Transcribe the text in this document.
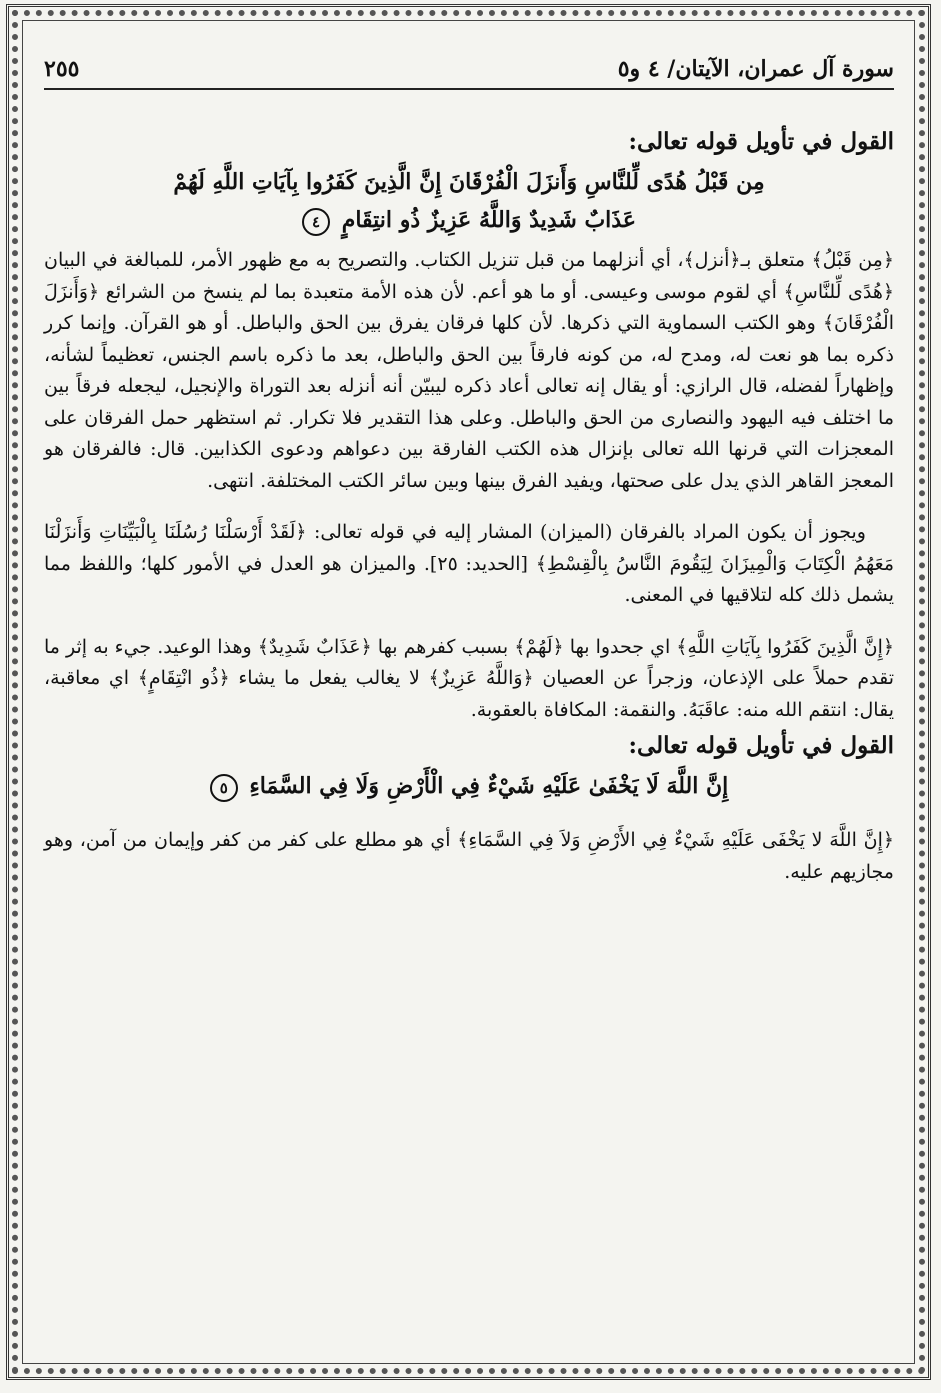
سورة آل عمران، الآيتان/ ٤ و٥
٢٥٥
القول في تأويل قوله تعالى:
مِن قَبْلُ هُدًى لِّلنَّاسِ وَأَنزَلَ الْفُرْقَانَ إِنَّ الَّذِينَ كَفَرُوا بِآيَاتِ اللَّهِ لَهُمْ
عَذَابٌ شَدِيدٌ وَاللَّهُ عَزِيزٌ ذُو انتِقَامٍ ٤

﴿مِن قَبْلُ﴾ متعلق بـ﴿أنزل﴾، أي أنزلهما من قبل تنزيل الكتاب. والتصريح به مع ظهور الأمر، للمبالغة في البيان ﴿هُدًى لِّلنَّاسِ﴾ أي لقوم موسى وعيسى. أو ما هو أعم. لأن هذه الأمة متعبدة بما لم ينسخ من الشرائع ﴿وَأَنزَلَ الْفُرْقَانَ﴾ وهو الكتب السماوية التي ذكرها. لأن كلها فرقان يفرق بين الحق والباطل. أو هو القرآن. وإنما كرر ذكره بما هو نعت له، ومدح له، من كونه فارقاً بين الحق والباطل، بعد ما ذكره باسم الجنس، تعظيماً لشأنه، وإظهاراً لفضله، قال الرازي: أو يقال إنه تعالى أعاد ذكره ليبيّن أنه أنزله بعد التوراة والإنجيل، ليجعله فرقاً بين ما اختلف فيه اليهود والنصارى من الحق والباطل. وعلى هذا التقدير فلا تكرار. ثم استظهر حمل الفرقان على المعجزات التي قرنها الله تعالى بإنزال هذه الكتب الفارقة بين دعواهم ودعوى الكذابين. قال: فالفرقان هو المعجز القاهر الذي يدل على صحتها، ويفيد الفرق بينها وبين سائر الكتب المختلفة. انتهى.

ويجوز أن يكون المراد بالفرقان (الميزان) المشار إليه في قوله تعالى: ﴿لَقَدْ أَرْسَلْنَا رُسُلَنَا بِالْبَيِّنَاتِ وَأَنزَلْنَا مَعَهُمُ الْكِتَابَ وَالْمِيزَانَ لِيَقُومَ النَّاسُ بِالْقِسْطِ﴾ [الحديد: ٢٥]. والميزان هو العدل في الأمور كلها؛ واللفظ مما يشمل ذلك كله لتلاقيها في المعنى.

﴿إِنَّ الَّذِينَ كَفَرُوا بِآيَاتِ اللَّهِ﴾ اي جحدوا بها ﴿لَهُمْ﴾ بسبب كفرهم بها ﴿عَذَابٌ شَدِيدٌ﴾ وهذا الوعيد. جيء به إثر ما تقدم حملاً على الإذعان، وزجراً عن العصيان ﴿وَاللَّهُ عَزِيزٌ﴾ لا يغالب يفعل ما يشاء ﴿ذُو انْتِقَامٍ﴾ اي معاقبة، يقال: انتقم الله منه: عاقَبَهُ. والنقمة: المكافاة بالعقوبة.

القول في تأويل قوله تعالى:
إِنَّ اللَّهَ لَا يَخْفَىٰ عَلَيْهِ شَيْءٌ فِي الْأَرْضِ وَلَا فِي السَّمَاءِ ٥

﴿إِنَّ اللَّهَ لا يَخْفَى عَلَيْهِ شَيْءٌ فِي الأَرْضِ وَلاَ فِي السَّمَاءِ﴾ أي هو مطلع على كفر من كفر وإيمان من آمن، وهو مجازيهم عليه.
